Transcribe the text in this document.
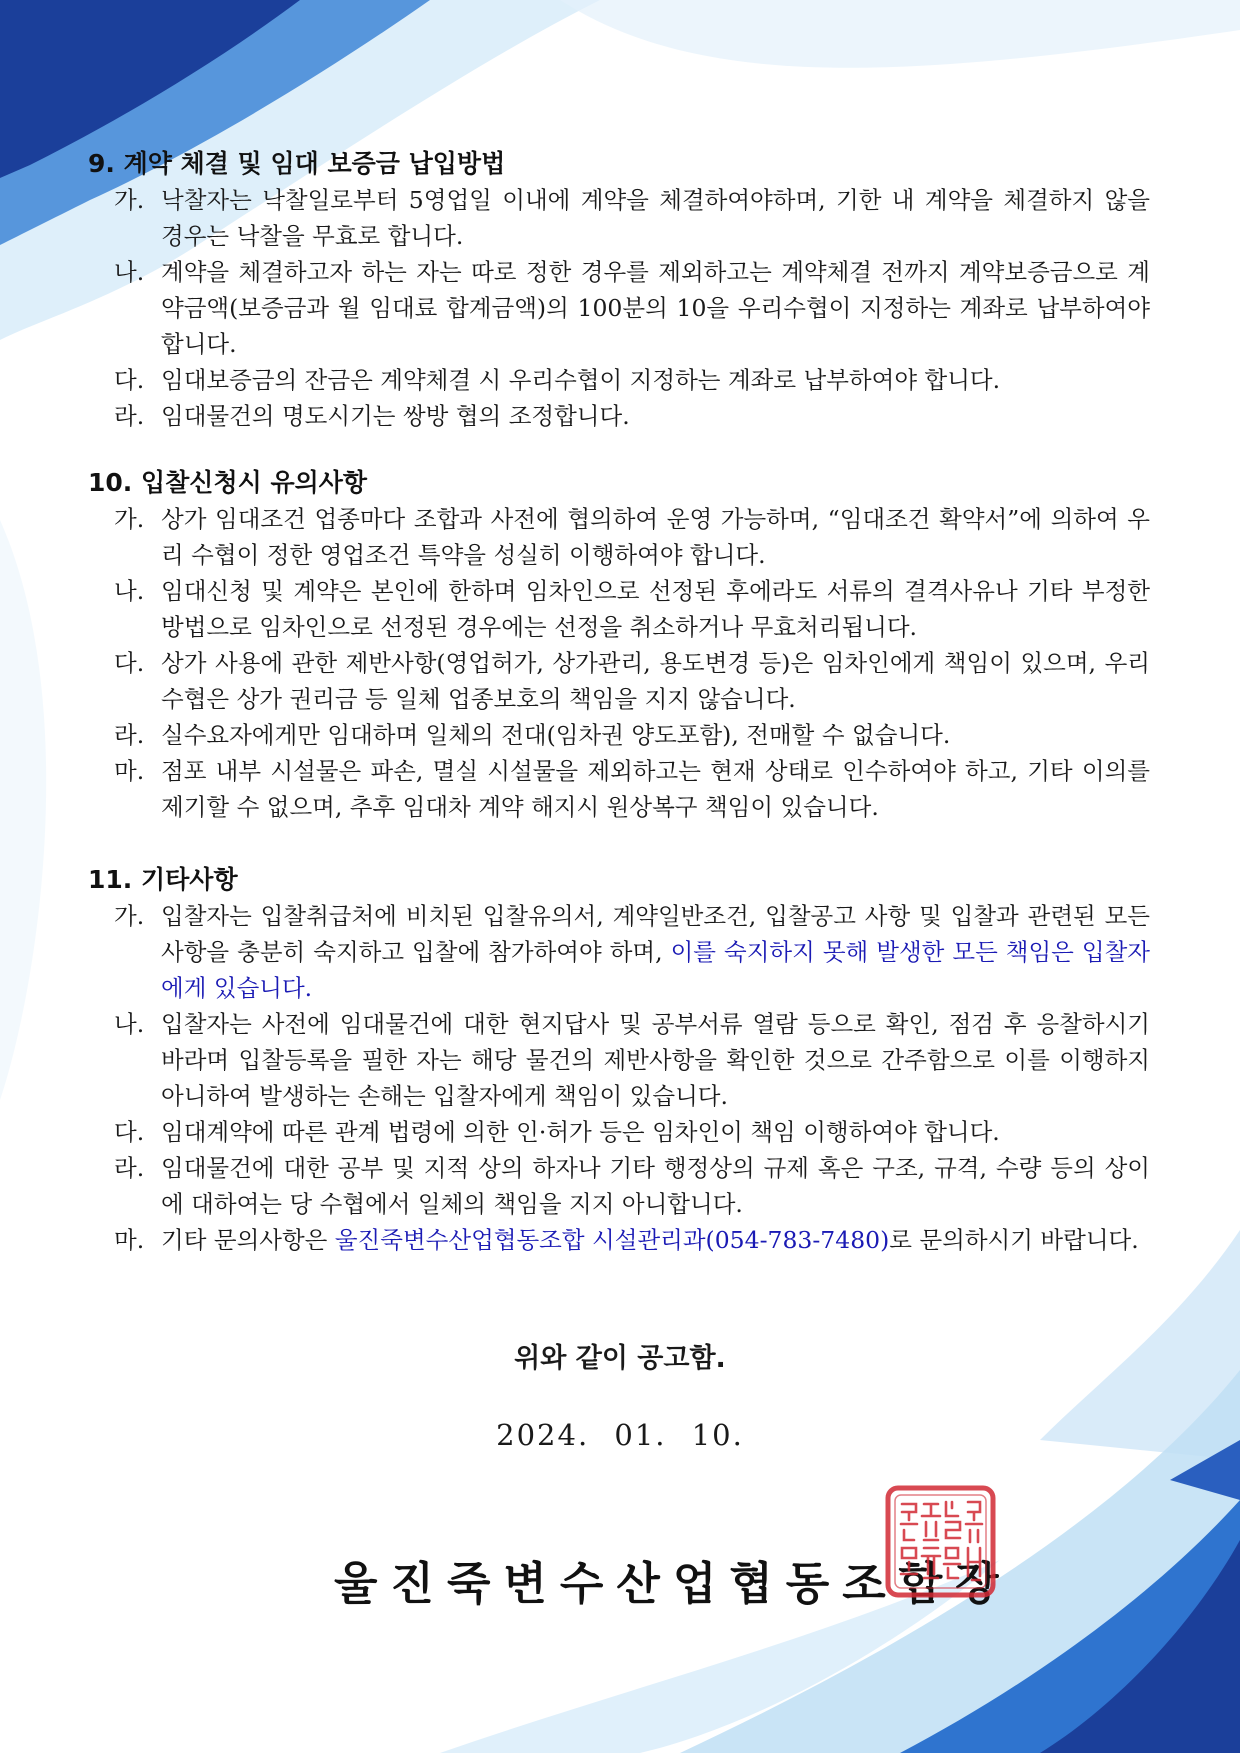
9. 계약 체결 및 임대 보증금 납입방법
가. 낙찰자는 낙찰일로부터 5영업일 이내에 계약을 체결하여야하며, 기한 내 계약을 체결하지 않을 경우는 낙찰을 무효로 합니다.
나. 계약을 체결하고자 하는 자는 따로 정한 경우를 제외하고는 계약체결 전까지 계약보증금으로 계약금액(보증금과 월 임대료 합계금액)의 100분의 10을 우리수협이 지정하는 계좌로 납부하여야 합니다.
다. 임대보증금의 잔금은 계약체결 시 우리수협이 지정하는 계좌로 납부하여야 합니다.
라. 임대물건의 명도시기는 쌍방 협의 조정합니다.
10. 입찰신청시 유의사항
가. 상가 임대조건 업종마다 조합과 사전에 협의하여 운영 가능하며, “임대조건 확약서”에 의하여 우리 수협이 정한 영업조건 특약을 성실히 이행하여야 합니다.
나. 임대신청 및 계약은 본인에 한하며 임차인으로 선정된 후에라도 서류의 결격사유나 기타 부정한 방법으로 임차인으로 선정된 경우에는 선정을 취소하거나 무효처리됩니다.
다. 상가 사용에 관한 제반사항(영업허가, 상가관리, 용도변경 등)은 임차인에게 책임이 있으며, 우리 수협은 상가 권리금 등 일체 업종보호의 책임을 지지 않습니다.
라. 실수요자에게만 임대하며 일체의 전대(임차권 양도포함), 전매할 수 없습니다.
마. 점포 내부 시설물은 파손, 멸실 시설물을 제외하고는 현재 상태로 인수하여야 하고, 기타 이의를 제기할 수 없으며, 추후 임대차 계약 해지시 원상복구 책임이 있습니다.
11. 기타사항
가. 입찰자는 입찰취급처에 비치된 입찰유의서, 계약일반조건, 입찰공고 사항 및 입찰과 관련된 모든 사항을 충분히 숙지하고 입찰에 참가하여야 하며, 이를 숙지하지 못해 발생한 모든 책임은 입찰자에게 있습니다.
나. 입찰자는 사전에 임대물건에 대한 현지답사 및 공부서류 열람 등으로 확인, 점검 후 응찰하시기 바라며 입찰등록을 필한 자는 해당 물건의 제반사항을 확인한 것으로 간주함으로 이를 이행하지 아니하여 발생하는 손해는 입찰자에게 책임이 있습니다.
다. 임대계약에 따른 관계 법령에 의한 인·허가 등은 임차인이 책임 이행하여야 합니다.
라. 임대물건에 대한 공부 및 지적 상의 하자나 기타 행정상의 규제 혹은 구조, 규격, 수량 등의 상이에 대하여는 당 수협에서 일체의 책임을 지지 아니합니다.
마. 기타 문의사항은 울진죽변수산업협동조합 시설관리과(054-783-7480)로 문의하시기 바랍니다.
위와 같이 공고함.
2024. 01. 10.
울진죽변수산업협동조합장
